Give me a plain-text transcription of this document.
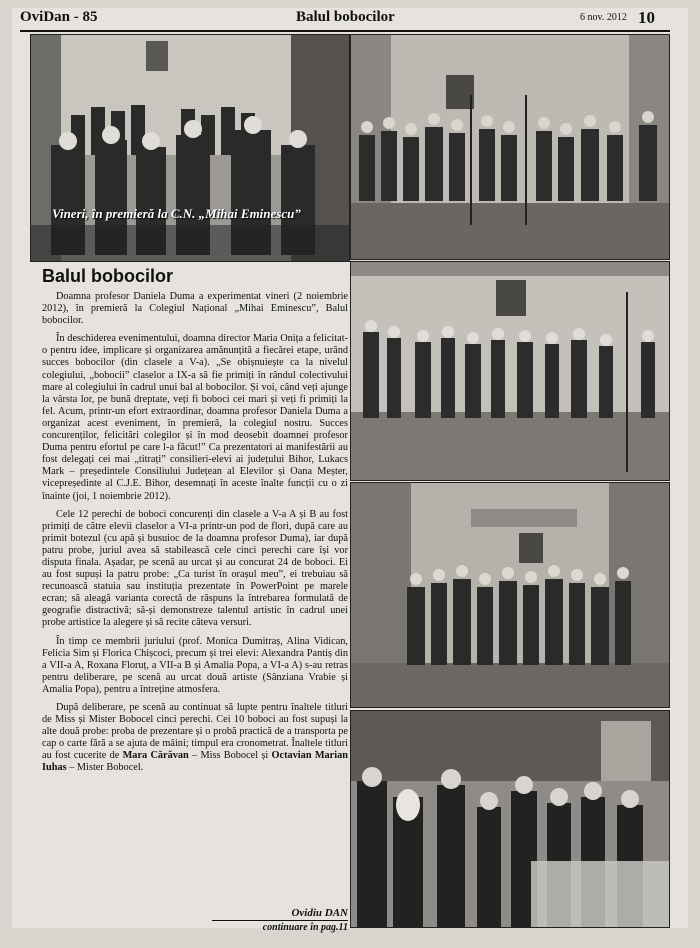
OviDan - 85	Balul bobocilor	6 nov. 2012 10
Vineri, în premieră la C.N. „Mihai Eminescu”
Balul bobocilor

Doamna profesor Daniela Duma a experimentat vineri (2 noiembrie 2012), în premieră la Colegiul Național „Mihai Eminescu”, Balul bobocilor.

În deschiderea evenimentului, doamna director Maria Onița a felicitat-o pentru idee, implicare și organizarea amănunțită a fiecărei etape, urând succes bobocilor (din clasele a V-a). „Se obișnuiește ca la nivelul colegiului, „bobocii” claselor a IX-a să fie primiți în rândul colectivului mare al colegiului în cadrul unui bal al bobocilor. Și voi, când veți ajunge la vârsta lor, pe bună dreptate, veți fi boboci cei mari și veți fi primiți la fel. Acum, printr-un efort extraordinar, doamna profesor Daniela Duma a organizat acest eveniment, în premieră, la colegiul nostru. Succes concurenților, felicitări colegilor și în mod deosebit doamnei profesor Duma pentru efortul pe care l-a făcut!” Ca prezentatori ai manifestării au fost delegați cei mai „titrați” consilieri-elevi ai județului Bihor, Lukacs Mark – președintele Consiliului Județean al Elevilor și Oana Meșter, vicepreședinte al C.J.E. Bihor, desemnați în aceste înalte funcții cu o zi înainte (joi, 1 noiembrie 2012).

Cele 12 perechi de boboci concurenți din clasele a V-a A și B au fost primiți de către elevii claselor a VI-a printr-un pod de flori, după care au primit botezul (cu apă și busuioc de la doamna profesor Duma), iar după patru probe, juriul avea să stabilească cele cinci perechi care își vor disputa finala. Așadar, pe scenă au urcat și au concurat 24 de boboci. Ei au fost supuși la patru probe: „Ca turist în orașul meu”, ei trebuiau să recunoască statuia sau instituția prezentate în PowerPoint pe marele ecran; să aleagă varianta corectă de răspuns la întrebarea formulată de geografie distractivă; să-și demonstreze talentul artistic în cadrul unei probe artistice la alegere și să recite câteva versuri.

În timp ce membrii juriului (prof. Monica Dumitraș, Alina Vidican, Felicia Sim și Florica Chișcoci, precum și trei elevi: Alexandra Pantiș din a VII-a A, Roxana Floruț, a VII-a B și Amalia Popa, a VI-a A) s-au retras pentru deliberare, pe scenă au urcat două artiste (Sânziana Vrabie și Amalia Popa), pentru a întreține atmosfera.

După deliberare, pe scenă au continuat să lupte pentru înaltele titluri de Miss și Mister Bobocel cinci perechi. Cei 10 boboci au fost supuși la alte două probe: proba de prezentare și o probă practică de a transporta pe cap o carte fără a se ajuta de mâini; timpul era cronometrat. Înaltele titluri au fost cucerite de Mara Cărăvan – Miss Bobocel și Octavian Marian Iuhas – Mister Bobocel.

Ovidiu DAN
continuare în pag.11
